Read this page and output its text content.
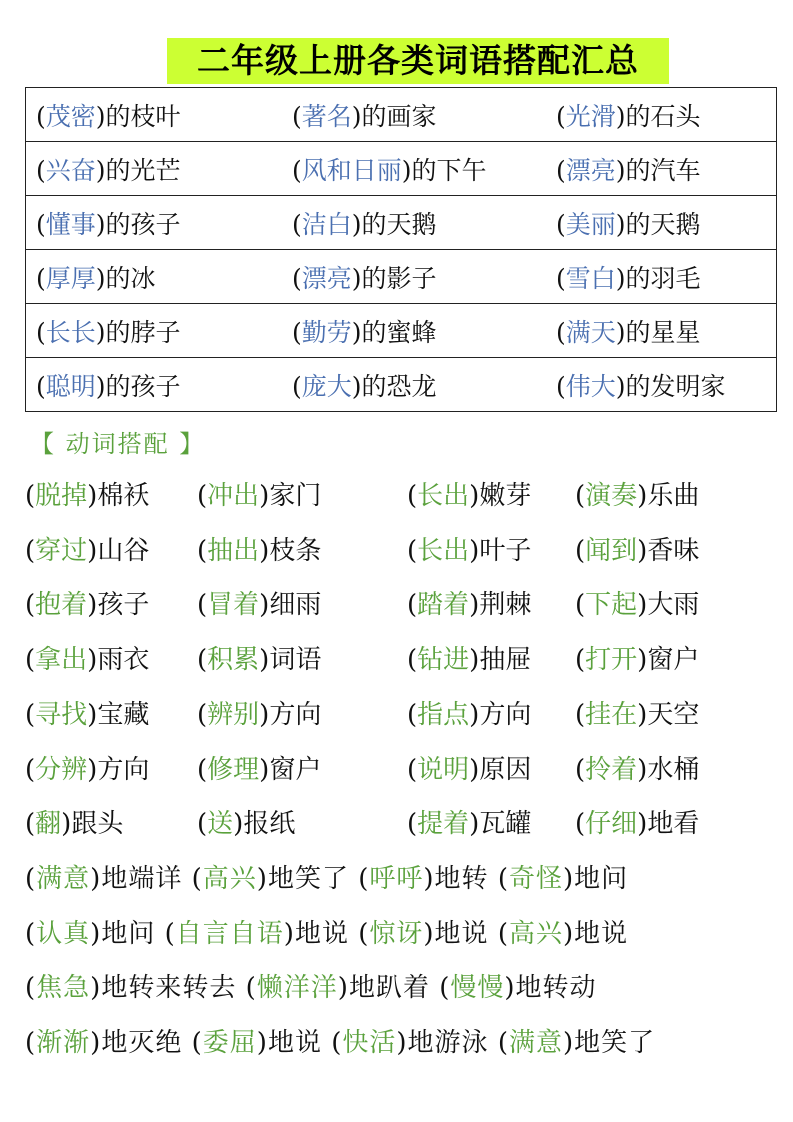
二年级上册各类词语搭配汇总
(茂密)的枝叶	(著名)的画家	(光滑)的石头
(兴奋)的光芒	(风和日丽)的下午	(漂亮)的汽车
(懂事)的孩子	(洁白)的天鹅	(美丽)的天鹅
(厚厚)的冰	(漂亮)的影子	(雪白)的羽毛
(长长)的脖子	(勤劳)的蜜蜂	(满天)的星星
(聪明)的孩子	(庞大)的恐龙	(伟大)的发明家
【 动词搭配 】
(脱掉)棉袄 (冲出)家门	(长出)嫩芽 (演奏)乐曲
(穿过)山谷 (抽出)枝条	(长出)叶子 (闻到)香味
(抱着)孩子 (冒着)细雨	(踏着)荆棘 (下起)大雨
(拿出)雨衣 (积累)词语	(钻进)抽屉 (打开)窗户
(寻找)宝藏 (辨别)方向	(指点)方向 (挂在)天空
(分辨)方向 (修理)窗户	(说明)原因 (拎着)水桶
(翻)跟头	(送)报纸	(提着)瓦罐 (仔细)地看
(满意)地端详 (高兴)地笑了 (呼呼)地转 (奇怪)地问
(认真)地问 (自言自语)地说 (惊讶)地说 (高兴)地说
(焦急)地转来转去 (懒洋洋)地趴着 (慢慢)地转动
(渐渐)地灭绝 (委屈)地说 (快活)地游泳 (满意)地笑了
